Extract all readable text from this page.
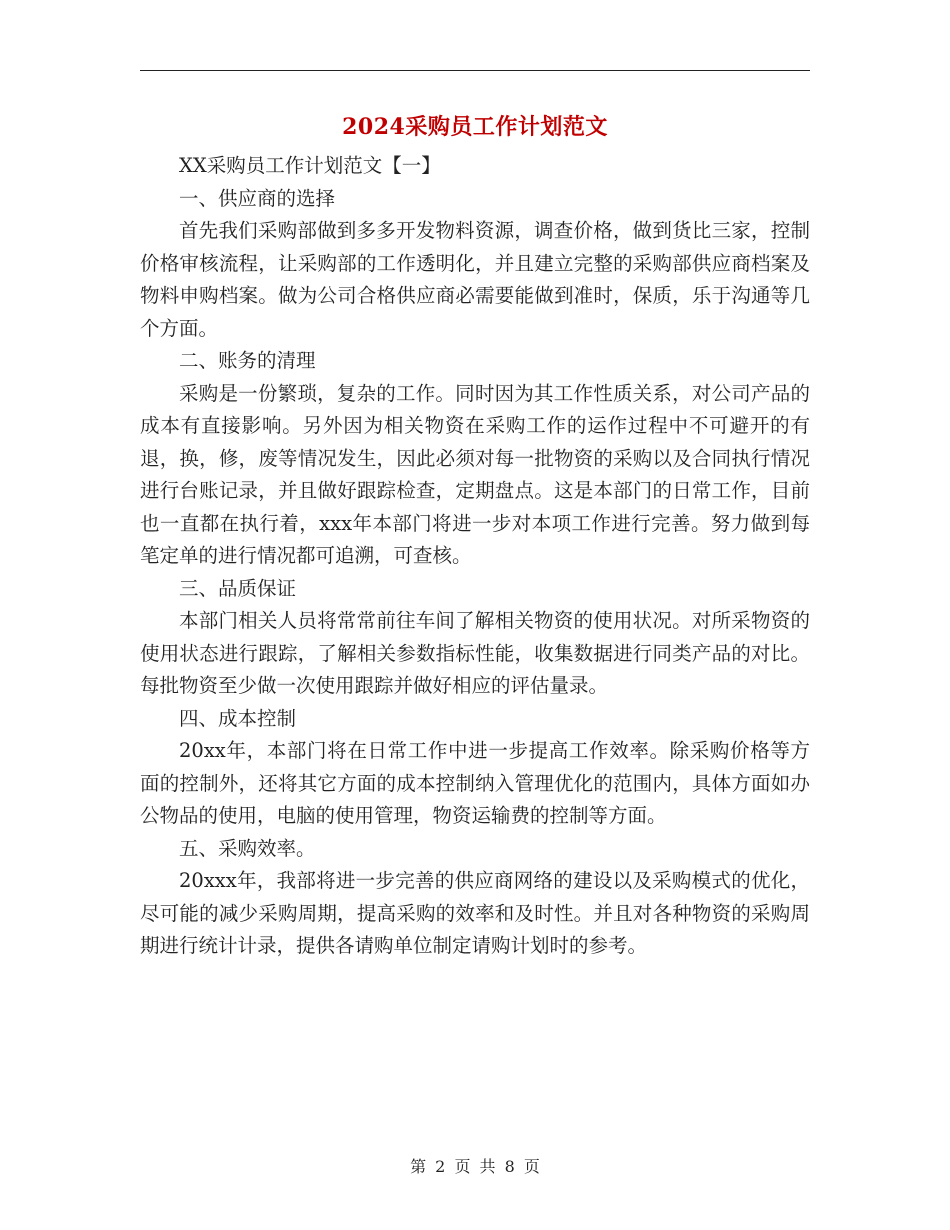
2024采购员工作计划范文

XX采购员工作计划范文【一】

一、供应商的选择

首先我们采购部做到多多开发物料资源，调查价格，做到货比三家，控制价格审核流程，让采购部的工作透明化，并且建立完整的采购部供应商档案及物料申购档案。做为公司合格供应商必需要能做到准时，保质，乐于沟通等几个方面。

二、账务的清理

采购是一份繁琐，复杂的工作。同时因为其工作性质关系，对公司产品的成本有直接影响。另外因为相关物资在采购工作的运作过程中不可避开的有退，换，修，废等情况发生，因此必须对每一批物资的采购以及合同执行情况进行台账记录，并且做好跟踪检查，定期盘点。这是本部门的日常工作，目前也一直都在执行着，xxx年本部门将进一步对本项工作进行完善。努力做到每笔定单的进行情况都可追溯，可查核。

三、品质保证

本部门相关人员将常常前往车间了解相关物资的使用状况。对所采物资的使用状态进行跟踪，了解相关参数指标性能，收集数据进行同类产品的对比。每批物资至少做一次使用跟踪并做好相应的评估量录。

四、成本控制

20xx年，本部门将在日常工作中进一步提高工作效率。除采购价格等方面的控制外，还将其它方面的成本控制纳入管理优化的范围内，具体方面如办公物品的使用，电脑的使用管理，物资运输费的控制等方面。

五、采购效率。

20xxx年，我部将进一步完善的供应商网络的建设以及采购模式的优化，尽可能的减少采购周期，提高采购的效率和及时性。并且对各种物资的采购周期进行统计计录，提供各请购单位制定请购计划时的参考。

第 2 页 共 8 页
